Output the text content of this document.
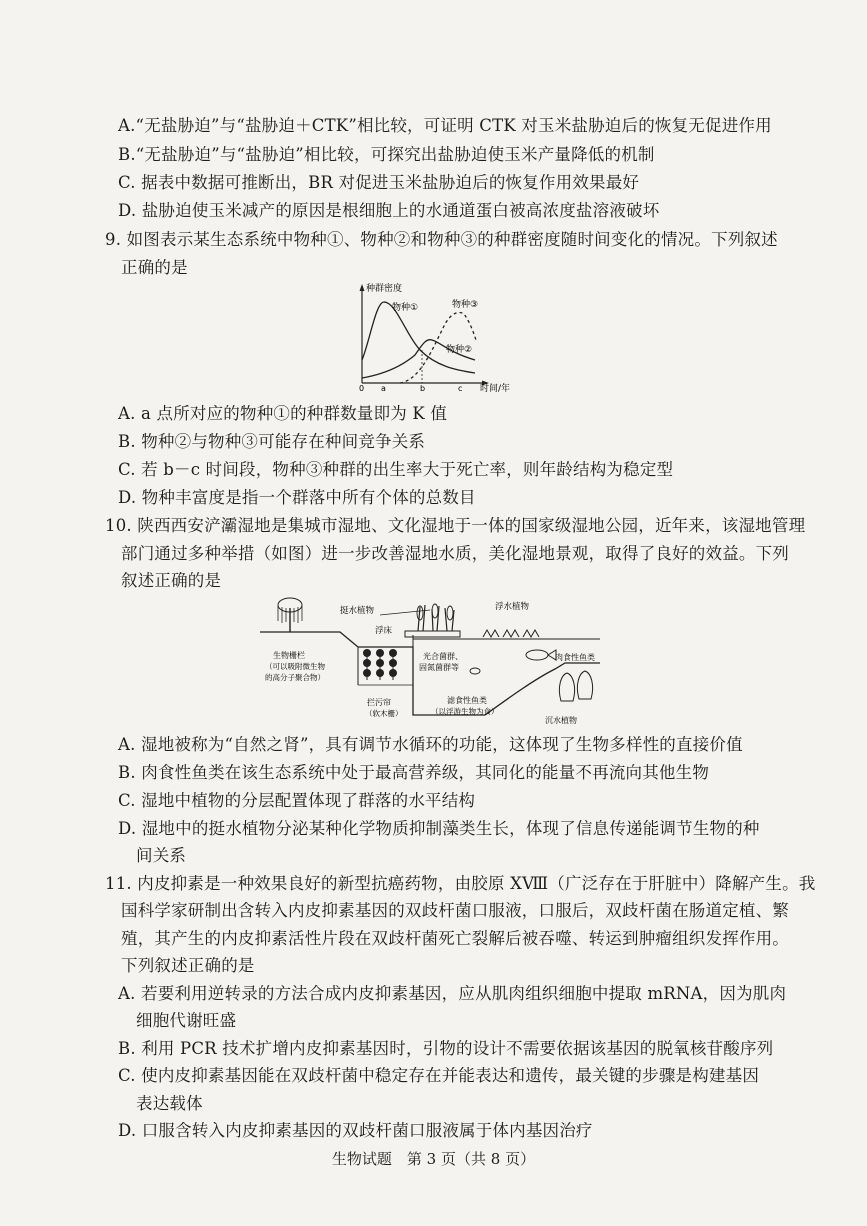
A.“无盐胁迫”与“盐胁迫＋CTK”相比较，可证明 CTK 对玉米盐胁迫后的恢复无促进作用
B.“无盐胁迫”与“盐胁迫”相比较，可探究出盐胁迫使玉米产量降低的机制
C. 据表中数据可推断出，BR 对促进玉米盐胁迫后的恢复作用效果最好
D. 盐胁迫使玉米减产的原因是根细胞上的水通道蛋白被高浓度盐溶液破坏
9. 如图表示某生态系统中物种①、物种②和物种③的种群密度随时间变化的情况。下列叙述
正确的是
种群密度
时间/年
0 a	b	c
物种①	物种③
物种②
A. a 点所对应的物种①的种群数量即为 K 值
B. 物种②与物种③可能存在种间竞争关系
C. 若 b－c 时间段，物种③种群的出生率大于死亡率，则年龄结构为稳定型
D. 物种丰富度是指一个群落中所有个体的总数目
10. 陕西西安浐灞湿地是集城市湿地、文化湿地于一体的国家级湿地公园，近年来，该湿地管理
部门通过多种举措（如图）进一步改善湿地水质，美化湿地景观，取得了良好的效益。下列
叙述正确的是
挺水植物	浮水植物
浮床
生物栅栏
（可以吸附微生物
的高分子聚合物）
光合菌群、
固氮菌群等
肉食性鱼类
拦污帘
（软木栅）
滤食性鱼类
（以浮游生物为食）
沉水植物
A. 湿地被称为“自然之肾”，具有调节水循环的功能，这体现了生物多样性的直接价值
B. 肉食性鱼类在该生态系统中处于最高营养级，其同化的能量不再流向其他生物
C. 湿地中植物的分层配置体现了群落的水平结构
D. 湿地中的挺水植物分泌某种化学物质抑制藻类生长，体现了信息传递能调节生物的种
间关系
11. 内皮抑素是一种效果良好的新型抗癌药物，由胶原 XⅧ（广泛存在于肝脏中）降解产生。我
国科学家研制出含转入内皮抑素基因的双歧杆菌口服液，口服后，双歧杆菌在肠道定植、繁
殖，其产生的内皮抑素活性片段在双歧杆菌死亡裂解后被吞噬、转运到肿瘤组织发挥作用。
下列叙述正确的是
A. 若要利用逆转录的方法合成内皮抑素基因，应从肌肉组织细胞中提取 mRNA，因为肌肉
细胞代谢旺盛
B. 利用 PCR 技术扩增内皮抑素基因时，引物的设计不需要依据该基因的脱氧核苷酸序列
C. 使内皮抑素基因能在双歧杆菌中稳定存在并能表达和遗传，最关键的步骤是构建基因
表达载体
D. 口服含转入内皮抑素基因的双歧杆菌口服液属于体内基因治疗
生物试题　第 3 页（共 8 页）
